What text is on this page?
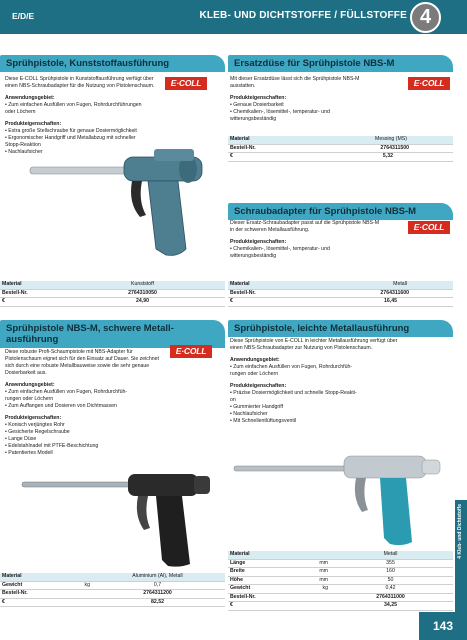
E/D/E	KLEB- UND DICHTSTOFFE / FÜLLSTOFFE 4
Sprühpistole, Kunststoffausführung
Diese E-COLL Sprühpistole in Kunststoffausführung verfügt über einen NBS-Schraubadapter für die Nutzung von Pistolenschaum.
Anwendungsgebiet:
• Zum einfachen Ausfüllen von Fugen, Rohrdurchführungen
oder Löchern
Produkteigenschaften:
• Extra große Stellschraube für genaue Dosiermöglichkeit
• Ergonomischer Handgriff und Metallabzug mit schneller
Stopp-Reaktion
• Nachlaufsicher
E·COLL
Material	Kunststoff
Bestell-Nr.	2764310050
€	24,90
Ersatzdüse für Sprühpistole NBS-M
Mit dieser Ersatzdüse lässt sich die Sprühpistole NBS-M ausstatten.
Produkteigenschaften:
• Genaue Dosierbarkeit
• Chemikalien-, lösemittel-, temperatur- und
witterungsbeständig
E·COLL
Material	Messing (MS)
Bestell-Nr.	2764311500
€	5,32
Schraubadapter für Sprühpistole NBS-M
Dieser Ersatz-Schraubadapter passt auf die Sprühpistole NBS-M in der schweren Metallausführung.
Produkteigenschaften:
• Chemikalien-, lösemittel-, temperatur- und
witterungsbeständig
E·COLL
Material	Metall
Bestell-Nr.	2764311600
€	16,45
Sprühpistole NBS-M, schwere Metall-
ausführung
Diese robuste Profi-Schaumpistole mit NBS-Adapter für Pistolenschaum eignet sich für den Einsatz auf Dauer. Sie zeichnet sich durch eine robuste Metallbauweise sowie die sehr genaue Dosierbarkeit aus.
Anwendungsgebiet:
• Zum einfachen Ausfüllen von Fugen, Rohrdurchfüh-
rungen oder Löchern
• Zum Auffangen und Dosieren von Dichtmassen
Produkteigenschaften:
• Konisch verjüngtes Rohr
• Gesicherte Regelschraube
• Lange Düse
• Edelstahlnadel mit PTFE-Beschichtung
• Patentiertes Modell
E·COLL
Material	Aluminium (Al), Metall
Gewicht	kg	0,7
Bestell-Nr.	2764311200
€	82,52
Sprühpistole, leichte Metallausführung
Diese Sprühpistole von E-COLL in leichter Metallausführung verfügt über einen NBS-Schraubadapter zur Nutzung von Pistolenschaum.
Anwendungsgebiet:
• Zum einfachen Ausfüllen von Fugen, Rohrdurchfüh-
rungen oder Löchern
Produkteigenschaften:
• Präzise Dosiermöglichkeit und schnelle Stopp-Reakti-
on
• Gummierter Handgriff
• Nachlaufsicher
• Mit Schnellentlüftungsventil
Material	Metall
Länge	mm	355
Breite	mm	160
Höhe	mm	50
Gewicht	kg	0,42
Bestell-Nr.	2764311000
€	34,25
4 Kleb- und Dichtstoffe
143
